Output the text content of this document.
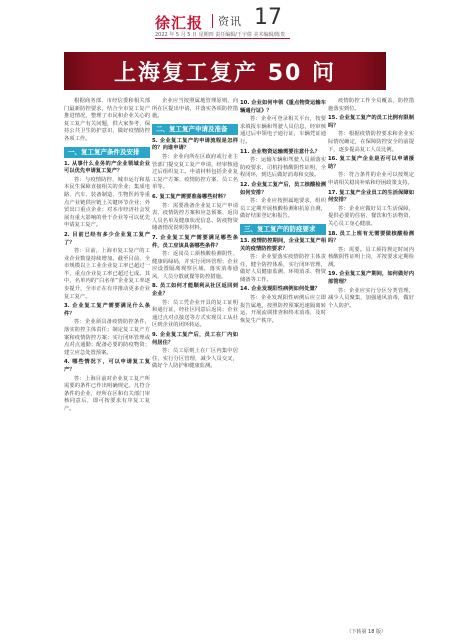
徐汇报 资讯 17
2022 年 5 月 5 日 星期四 责任编辑/王宇倩 美术编辑/陈贵
上海复工复产 50 问

根据商务部、市经信委和相关部门最新防控要求，结合全市复工复产推进情况，整理了市民和企业关心的复工复产有关问题，供大家参考，保持公共卫生防护意识，做好疫情防控各项工作。

一、复工复产条件及安排

1. 从事什么业务的产企业领域企业可以优先申请复工复产？

答：与疫情防控、城市运行和基本民生保障直接相关的企业；集成电路、汽车、装备制造、生物医药等重点产业链供应链上关键环节企业；外贸出口重点企业；对本市经济社会发展有重大影响的骨干企业等可以优先申请复工复产。

2. 目前已经有多少企业复工复产了？

答：目前，上海市复工复产的工业企业数量持续增加。截至目前，全市规模以上工业企业复工率已超过一半，重点企业复工率已超过七成。其中，名单内的“白名单”企业复工率逐步提升，全市正在有序推动更多企业复工复产。

3. 企业复工复产需要满足什么条件？

答：企业须具备疫情防控条件，落实防控主体责任；制定复工复产方案和疫情防控方案；实行闭环管理或点对点通勤；配备必要的防疫物资；建立应急处置预案。

4. 哪些情况下，可以申请复工复产？

答：上海目前对企业复工复产所需要的条件已作出明确规定。凡符合条件的企业，经所在区和有关部门审核同意后，即可按要求有序复工复产。

企业应当按照属地管理原则，向所在区提出申请，并落实各项防控措施。

二、复工复产申请及准备

5. 企业复工复产的申请流程是怎样的？向谁申请？

答：企业向所在区政府或行业主管部门提交复工复产申请，经审核通过后组织复工。申请材料包括企业复工复产方案、疫情防控方案、员工名单等。

6. 复工复产需要准备哪些材料？

答：需要准备企业复工复产申请表、疫情防控方案和应急预案、返岗人员名单及健康状况信息、防疫物资储备情况说明等材料。

7. 企业复工复产需要满足哪些条件，员工应该具备哪些条件？

答：返岗员工须核酸检测阴性、健康码绿码，并实行闭环管理；企业应设置隔离观察区域，落实消毒通风、人员分散就餐等防控措施。

8. 员工如何才能顺利从社区返回到企业？

答：员工凭企业开具的复工证明和通行证，经社区同意后返岗；企业通过点对点接送等方式实现员工从社区到企业的闭环转运。

9. 企业复工复产后，员工在厂内如何居住？

答：员工原则上在厂区内集中居住，实行分区管理，减少人员交叉，做好个人防护和健康监测。

10. 企业如何申领《重点物资运输车辆通行证》？

答：企业可登录相关平台，按要求填报车辆和驾驶人员信息，经审核通过后申领电子通行证，车辆凭证通行。

11. 企业物资运输需要注意什么？

答：运输车辆和驾驶人员须落实防疫要求，司机持核酸阴性证明，全程闭环，到达后做好消毒和交接。

12. 企业复工复产后，员工核酸检测如何安排？

答：企业应按照属地要求，组织员工定期开展核酸检测和抗原自测，做好结果登记和报告。

三、复工复产的防疫要求

13. 疫情防控期间，企业复工复产相关的疫情防控要求？

答：企业要落实疫情防控主体责任，健全防控体系，实行闭环管理，做好人员健康监测、环境消杀、物资储备等工作。

14. 企业发现阳性病例如何处置？

答：企业发现阳性病例后应立即报告属地，按照防控预案迅速隔离转运，开展流调排查和终末消毒，及时恢复生产秩序。

疫情防控工作全员覆盖，防控措施落实到位。

15. 企业复工复产的员工比例有限制吗？

答：根据疫情防控要求和企业实际情况确定，在保障防控安全的前提下，逐步提高复工人员比例。

16. 复工复产企业是否可以申请援助？

答：符合条件的企业可以按规定申请相关稳岗补贴和纾困政策支持。

17. 复工复产企业员工的生活保障如何安排？

答：企业应做好员工生活保障，提供必要的住宿、餐饮和生活物资，关心员工身心健康。

18. 员工上班有无需要做核酸检测吗？

答：需要。员工须持规定时间内核酸阴性证明上岗，并按要求定期检测。

19. 企业复工复产期间，如何做好内部管理？

答：企业应实行分区分类管理，减少人员聚集，加强通风消毒，做好个人防护。

（下转第 18 版）
